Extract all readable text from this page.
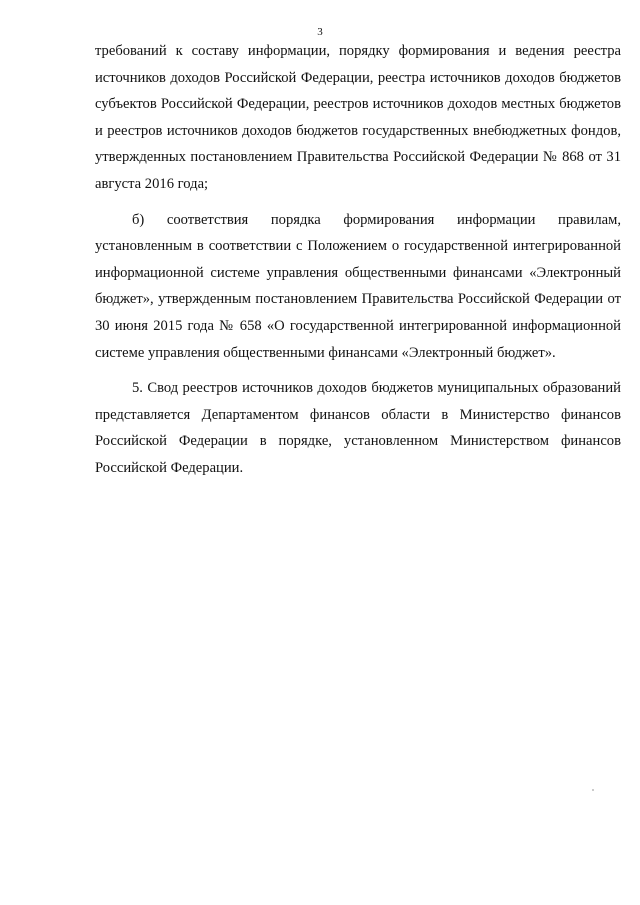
3

требований к составу информации, порядку формирования и ведения реестра источников доходов Российской Федерации, реестра источников доходов бюджетов субъектов Российской Федерации, реестров источников доходов местных бюджетов и реестров источников доходов бюджетов государственных внебюджетных фондов, утвержденных постановлением Правительства Российской Федерации № 868 от 31 августа 2016 года;

б) соответствия порядка формирования информации правилам, установленным в соответствии с Положением о государственной интегрированной информационной системе управления общественными финансами «Электронный бюджет», утвержденным постановлением Правительства Российской Федерации от 30 июня 2015 года № 658 «О государственной интегрированной информационной системе управления общественными финансами «Электронный бюджет».

5. Свод реестров источников доходов бюджетов муниципальных образований представляется Департаментом финансов области в Министерство финансов Российской Федерации в порядке, установленном Министерством финансов Российской Федерации.
